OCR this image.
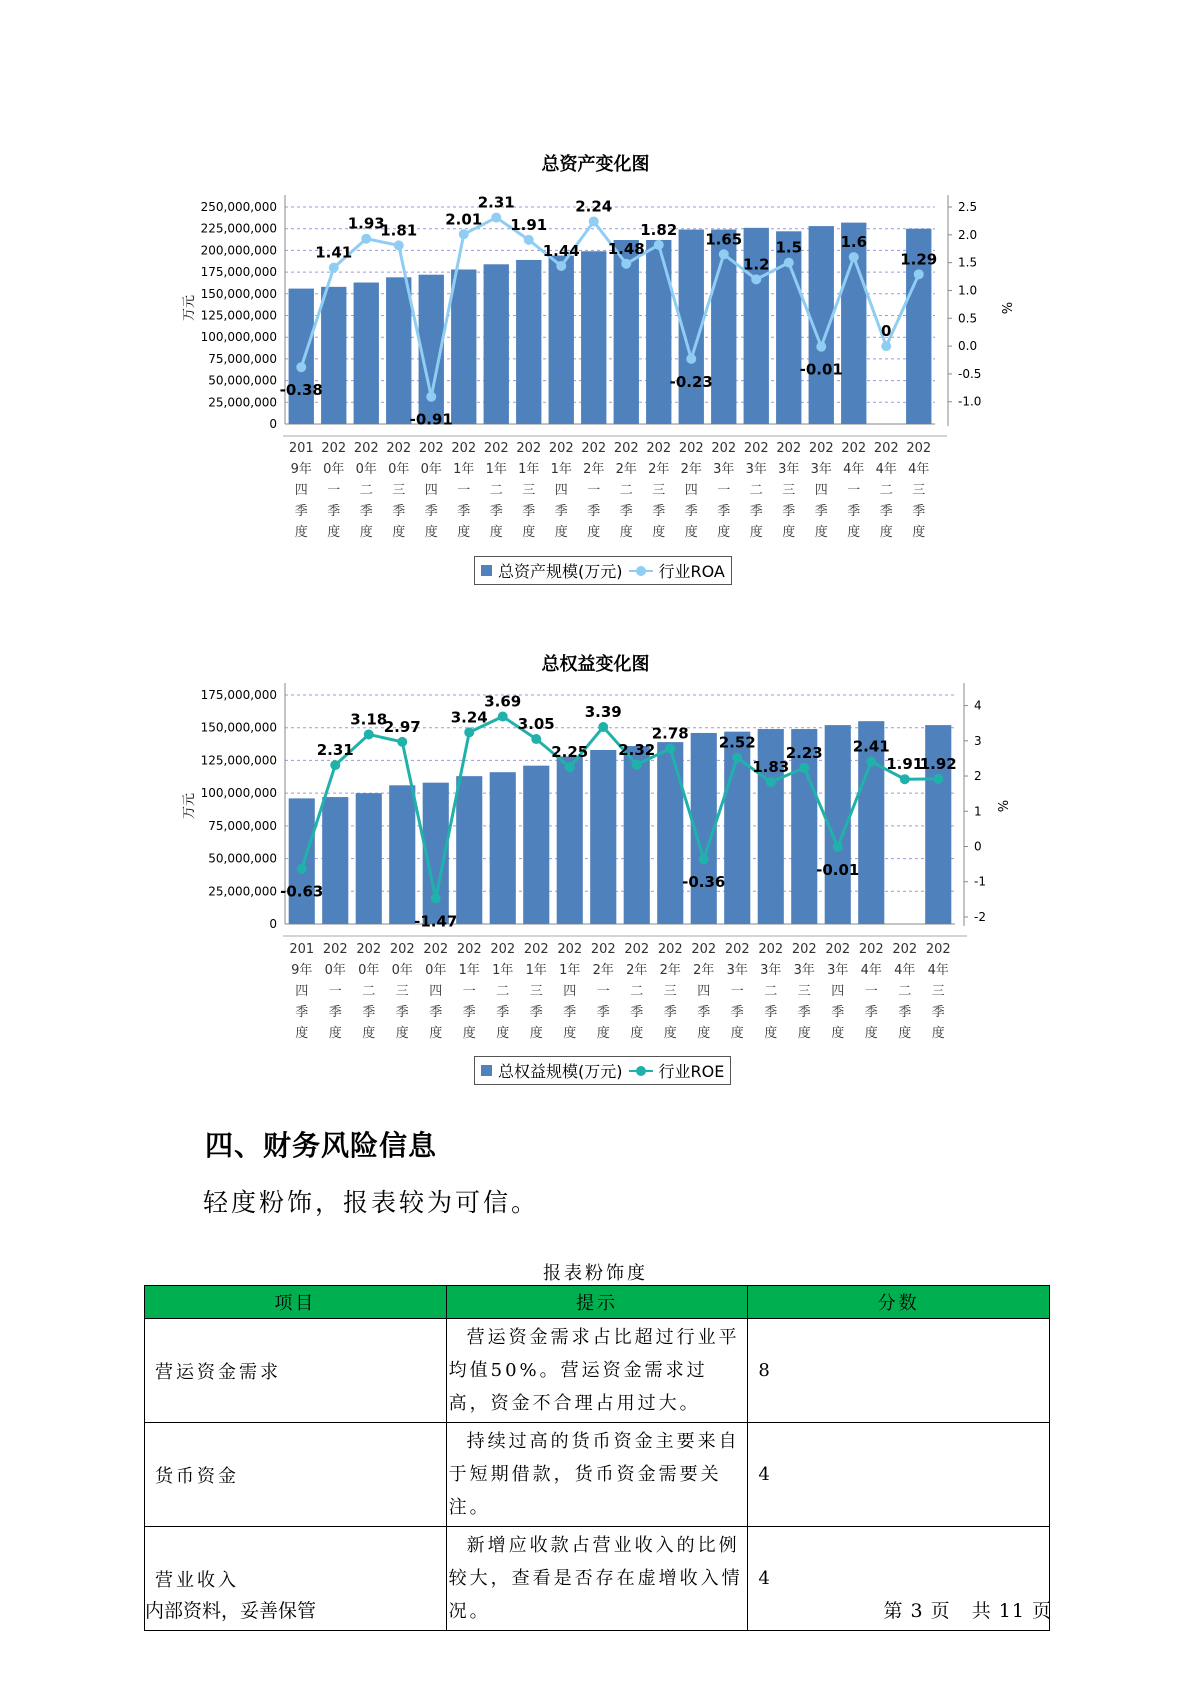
总资产变化图
0
25,000,000
50,000,000
75,000,000
100,000,000
125,000,000
150,000,000
175,000,000
200,000,000
225,000,000
250,000,000	2.5
2.0
1.5
1.0
0.5
0.0
-0.5
-1.0
万元	%
201 9年四季度
202 0年一季度
202 0年二季度
202 0年三季度
202 0年四季度
202 1年一季度
202 1年二季度
202 1年三季度
202 1年四季度
202 2年一季度
202 2年二季度
202 2年三季度
202 2年四季度
202 3年一季度
202 3年二季度
202 3年三季度
202 3年四季度
202 4年一季度
202 4年二季度
202 4年三季度
-0.38
1.41
1.93
1.81
-0.91
2.01
2.31
1.91
1.44
2.24
1.48
1.82
-0.23
1.65
1.2
1.5
-0.01
1.6
0
1.29
总资产规模(万元) 行业ROA
总权益变化图
0
25,000,000
50,000,000
75,000,000
100,000,000
125,000,000
150,000,000
175,000,000
4
3
2
1
0
-1
-2
万元	%
201 9年四季度
202 0年一季度
202 0年二季度
202 0年三季度
202 0年四季度
202 1年一季度
202 1年二季度
202 1年三季度
202 1年四季度
202 2年一季度
202 2年二季度
202 2年三季度
202 2年四季度
202 3年一季度
202 3年二季度
202 3年三季度
202 3年四季度
202 4年一季度
202 4年二季度
202 4年三季度
-0.63
2.31
3.18
2.97
-1.47
3.24
3.69
3.05
2.25
3.39
2.32
2.78
-0.36
2.52
1.83
2.23
-0.01
2.41
1.91
1.92
总权益规模(万元) 行业ROE
四、财务风险信息
轻度粉饰，报表较为可信。
报表粉饰度
项目	提示	分数
营运资金需求	营运资金需求占比超过行业平均值50%。营运资金需求过高，资金不合理占用过大。	8
货币资金	持续过高的货币资金主要来自于短期借款，货币资金需要关注。	4
营业收入	新增应收款占营业收入的比例较大，查看是否存在虚增收入情况。	4
内部资料，妥善保管	第 3 页   共 11 页
